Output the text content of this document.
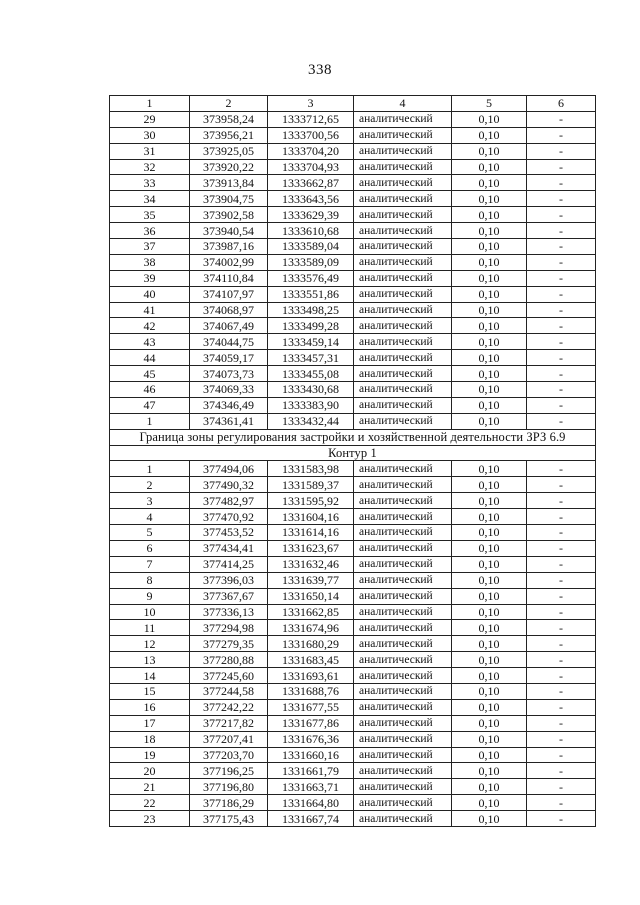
338
1	2	3	4	5	6
29	373958,24	1333712,65	аналитический	0,10	-
30	373956,21	1333700,56	аналитический	0,10	-
31	373925,05	1333704,20	аналитический	0,10	-
32	373920,22	1333704,93	аналитический	0,10	-
33	373913,84	1333662,87	аналитический	0,10	-
34	373904,75	1333643,56	аналитический	0,10	-
35	373902,58	1333629,39	аналитический	0,10	-
36	373940,54	1333610,68	аналитический	0,10	-
37	373987,16	1333589,04	аналитический	0,10	-
38	374002,99	1333589,09	аналитический	0,10	-
39	374110,84	1333576,49	аналитический	0,10	-
40	374107,97	1333551,86	аналитический	0,10	-
41	374068,97	1333498,25	аналитический	0,10	-
42	374067,49	1333499,28	аналитический	0,10	-
43	374044,75	1333459,14	аналитический	0,10	-
44	374059,17	1333457,31	аналитический	0,10	-
45	374073,73	1333455,08	аналитический	0,10	-
46	374069,33	1333430,68	аналитический	0,10	-
47	374346,49	1333383,90	аналитический	0,10	-
1	374361,41	1333432,44	аналитический	0,10	-
Граница зоны регулирования застройки и хозяйственной деятельности ЗРЗ 6.9					
Контур 1					
1	377494,06	1331583,98	аналитический	0,10	-
2	377490,32	1331589,37	аналитический	0,10	-
3	377482,97	1331595,92	аналитический	0,10	-
4	377470,92	1331604,16	аналитический	0,10	-
5	377453,52	1331614,16	аналитический	0,10	-
6	377434,41	1331623,67	аналитический	0,10	-
7	377414,25	1331632,46	аналитический	0,10	-
8	377396,03	1331639,77	аналитический	0,10	-
9	377367,67	1331650,14	аналитический	0,10	-
10	377336,13	1331662,85	аналитический	0,10	-
11	377294,98	1331674,96	аналитический	0,10	-
12	377279,35	1331680,29	аналитический	0,10	-
13	377280,88	1331683,45	аналитический	0,10	-
14	377245,60	1331693,61	аналитический	0,10	-
15	377244,58	1331688,76	аналитический	0,10	-
16	377242,22	1331677,55	аналитический	0,10	-
17	377217,82	1331677,86	аналитический	0,10	-
18	377207,41	1331676,36	аналитический	0,10	-
19	377203,70	1331660,16	аналитический	0,10	-
20	377196,25	1331661,79	аналитический	0,10	-
21	377196,80	1331663,71	аналитический	0,10	-
22	377186,29	1331664,80	аналитический	0,10	-
23	377175,43	1331667,74	аналитический	0,10	-
